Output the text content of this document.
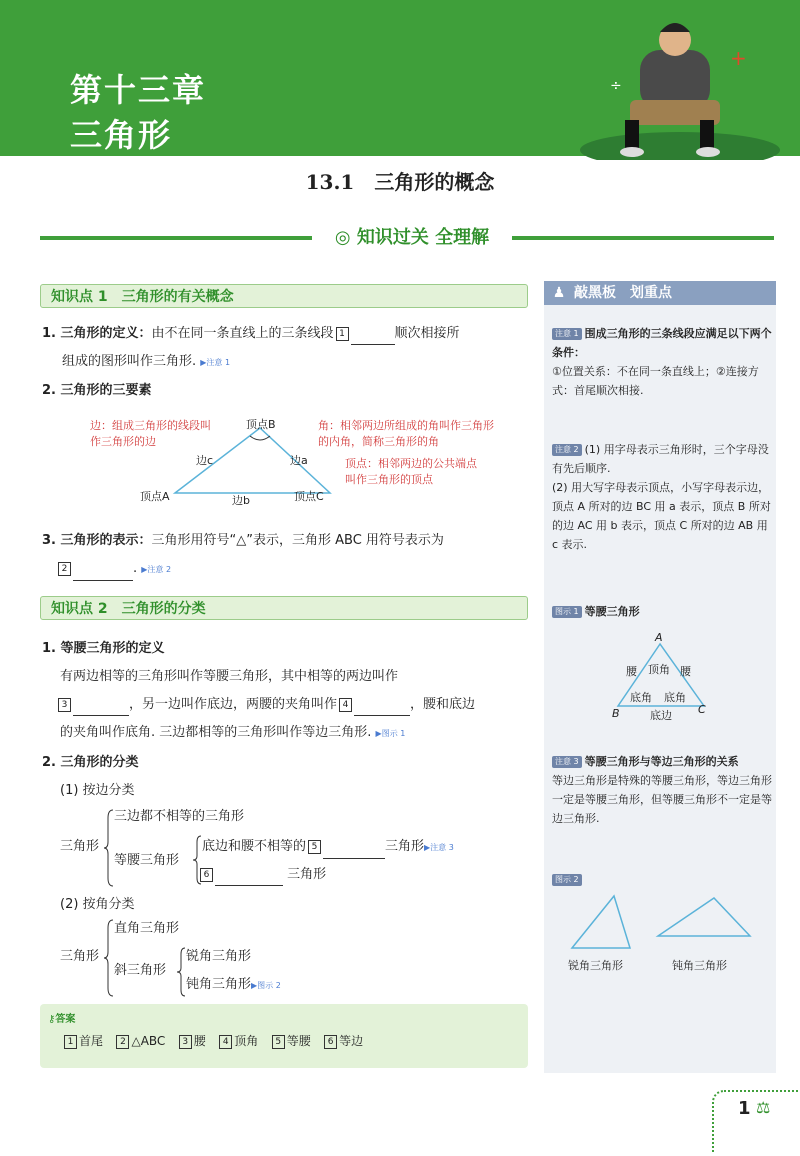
+
÷
第十三章
三角形
13.1　三角形的概念
◎ 知识过关 全理解
知识点 1　三角形的有关概念
1. 三角形的定义：由不在同一条直线上的三条线段 1	顺次相接所
组成的图形叫作三角形. ▶注意 1
2. 三角形的三要素
边：组成三角形的线段叫作三角形的边
角：相邻两边所组成的角叫作三角形的内角，简称三角形的角
顶点：相邻两边的公共端点叫作三角形的顶点
顶点B
顶点A	顶点C
边c	边a
边b
3. 三角形的表示：三角形用符号“△”表示，三角形 ABC 用符号表示为
2	. ▶注意 2
知识点 2　三角形的分类
1. 等腰三角形的定义
有两边相等的三角形叫作等腰三角形，其中相等的两边叫作
3	，另一边叫作底边，两腰的夹角叫作 4	，腰和底边
的夹角叫作底角. 三边都相等的三角形叫作等边三角形. ▶图示 1
2. 三角形的分类
(1) 按边分类
三角形
三边都不相等的三角形
等腰三角形
底边和腰不相等的 5	三角形▶注意 3
6	三角形
(2) 按角分类
三角形
直角三角形
斜三角形
锐角三角形
钝角三角形▶图示 2
⚷答案
1 首尾 2 △ABC 3 腰 4 顶角 5 等腰 6 等边
♟ 敲黑板　划重点
注意 1 围成三角形的三条线段应满足以下两个条件：
①位置关系：不在同一条直线上；②连接方式：首尾顺次相接.
注意 2 (1) 用字母表示三角形时，三个字母没有先后顺序.
(2) 用大写字母表示顶点，小写字母表示边，顶点 A 所对的边 BC 用 a 表示，顶点 B 所对的边 AC 用 b 表示，顶点 C 所对的边 AB 用 c 表示.
图示 1 等腰三角形
A
B	C
腰	腰
顶角
底角 底角
底边
注意 3 等腰三角形与等边三角形的关系
等边三角形是特殊的等腰三角形，等边三角形一定是等腰三角形，但等腰三角形不一定是等边三角形.
图示 2
锐角三角形	钝角三角形
1 ⚖
